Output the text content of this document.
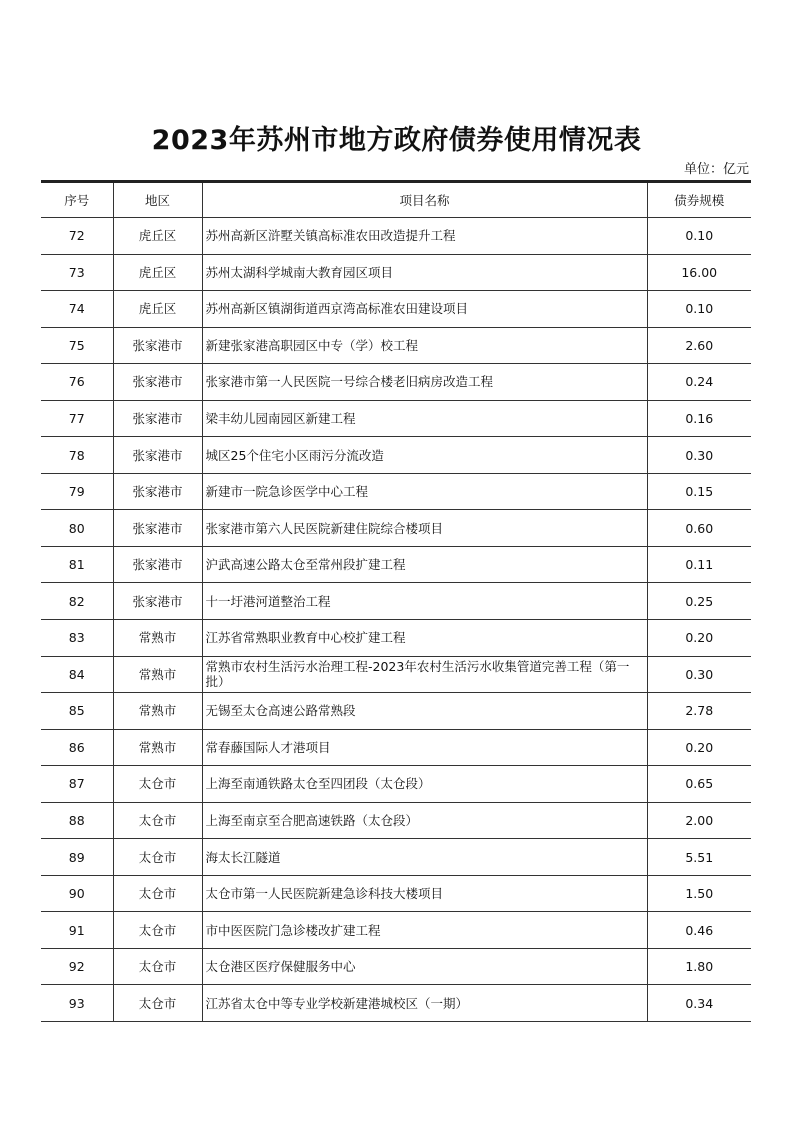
2023年苏州市地方政府债券使用情况表
单位：亿元
序号	地区	项目名称	债券规模
72	虎丘区	苏州高新区浒墅关镇高标准农田改造提升工程	0.10
73	虎丘区	苏州太湖科学城南大教育园区项目	16.00
74	虎丘区	苏州高新区镇湖街道西京湾高标准农田建设项目	0.10
75	张家港市	新建张家港高职园区中专（学）校工程	2.60
76	张家港市	张家港市第一人民医院一号综合楼老旧病房改造工程	0.24
77	张家港市	梁丰幼儿园南园区新建工程	0.16
78	张家港市	城区25个住宅小区雨污分流改造	0.30
79	张家港市	新建市一院急诊医学中心工程	0.15
80	张家港市	张家港市第六人民医院新建住院综合楼项目	0.60
81	张家港市	沪武高速公路太仓至常州段扩建工程	0.11
82	张家港市	十一圩港河道整治工程	0.25
83	常熟市	江苏省常熟职业教育中心校扩建工程	0.20
84	常熟市	常熟市农村生活污水治理工程-2023年农村生活污水收集管道完善工程（第一批）	0.30
85	常熟市	无锡至太仓高速公路常熟段	2.78
86	常熟市	常春藤国际人才港项目	0.20
87	太仓市	上海至南通铁路太仓至四团段（太仓段）	0.65
88	太仓市	上海至南京至合肥高速铁路（太仓段）	2.00
89	太仓市	海太长江隧道	5.51
90	太仓市	太仓市第一人民医院新建急诊科技大楼项目	1.50
91	太仓市	市中医医院门急诊楼改扩建工程	0.46
92	太仓市	太仓港区医疗保健服务中心	1.80
93	太仓市	江苏省太仓中等专业学校新建港城校区（一期）	0.34
